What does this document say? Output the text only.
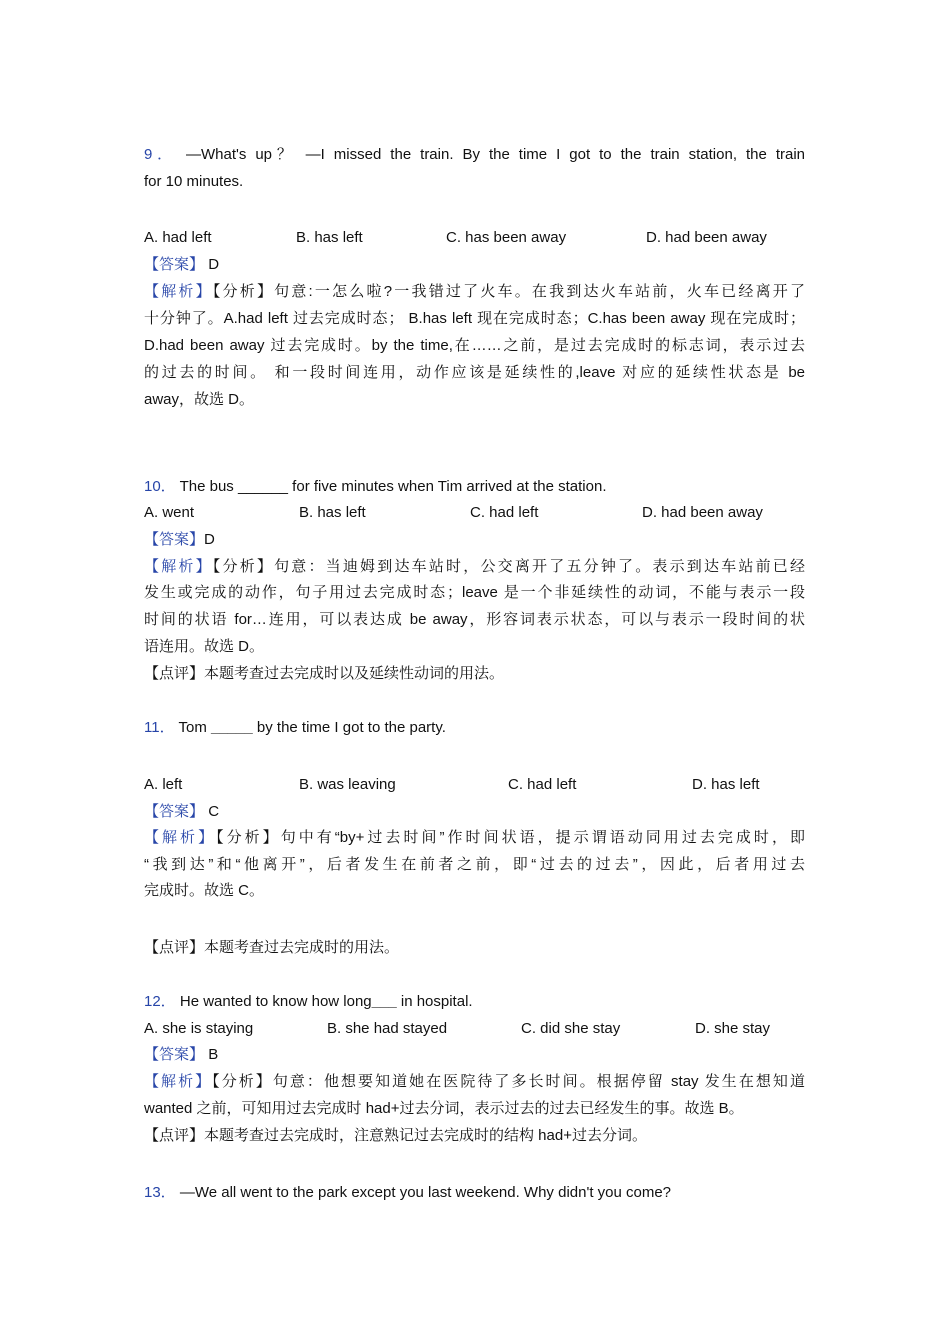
9． —What's up？ —I missed the train. By the time I got to the train station, the train
for 10 minutes.
A. had left	B. has left	C. has been away	D. had been away
【答案】 D
【解析】【分析】句意:一怎么啦?一我错过了火车。在我到达火车站前，火车已经离开了
十分钟了。A.had left 过去完成时态； B.has left 现在完成时态；C.has been away 现在完成时；
D.had been away 过去完成时。by the time,在……之前，是过去完成时的标志词，表示过去
的过去的时间。 和一段时间连用，动作应该是延续性的,leave 对应的延续性状态是 be
away，故选 D。
10． The bus ______ for five minutes when Tim arrived at the station.
A. went	B. has left	C. had left	D. had been away
【答案】D
【解析】【分析】句意：当迪姆到达车站时，公交离开了五分钟了。表示到达车站前已经
发生或完成的动作，句子用过去完成时态；leave 是一个非延续性的动词，不能与表示一段
时间的状语 for…连用，可以表达成 be away，形容词表示状态，可以与表示一段时间的状
语连用。故选 D。
【点评】本题考查过去完成时以及延续性动词的用法。
11． Tom _____ by the time I got to the party.
A. left	B. was leaving	C. had left	D. has left
【答案】 C
【解析】【分析】句中有“by+过去时间”作时间状语，提示谓语动同用过去完成时，即
“我到达”和“他离开”，后者发生在前者之前，即“过去的过去”，因此，后者用过去
完成时。故选 C。
【点评】本题考查过去完成时的用法。
12． He wanted to know how long___ in hospital.
A. she is staying	B. she had stayed	C. did she stay	D. she stay
【答案】 B
【解析】【分析】句意：他想要知道她在医院待了多长时间。根据停留 stay 发生在想知道
wanted 之前，可知用过去完成时 had+过去分词，表示过去的过去已经发生的事。故选 B。
【点评】本题考查过去完成时，注意熟记过去完成时的结构 had+过去分词。
13． —We all went to the park except you last weekend. Why didn't you come?
